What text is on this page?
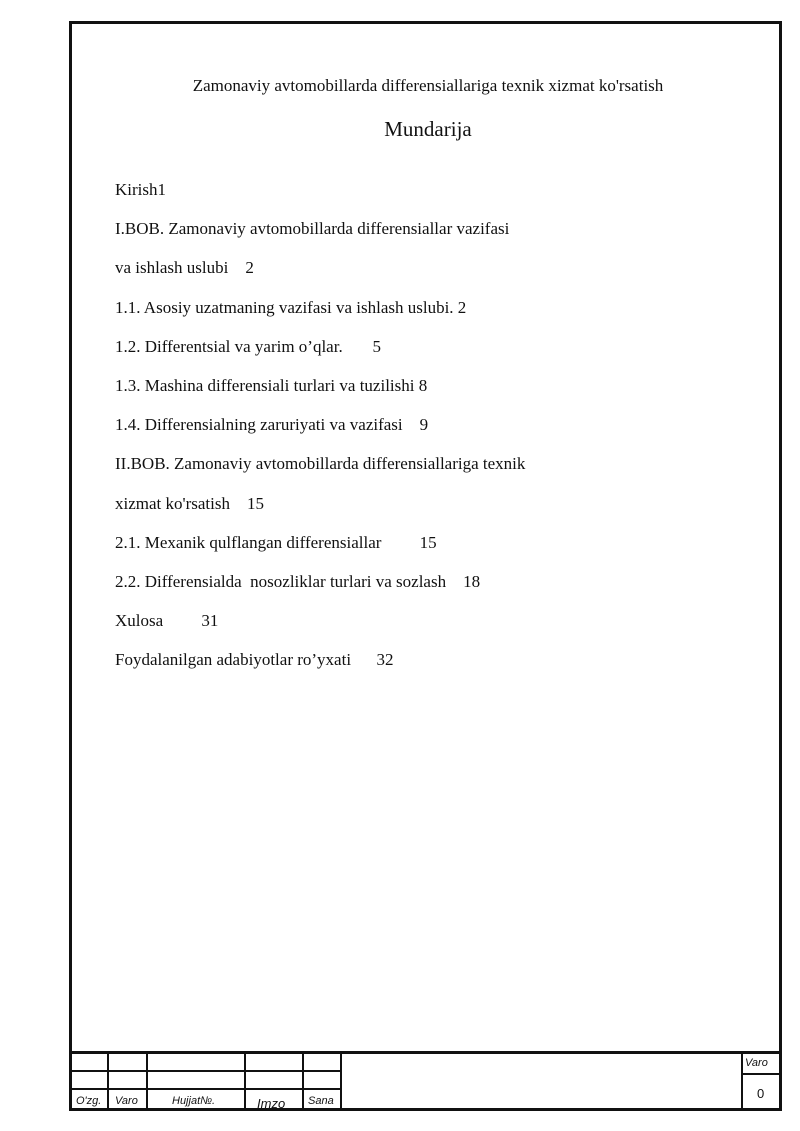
Zamonaviy avtomobillarda differensiallariga texnik xizmat ko'rsatish
Mundarija
Kirish1
I.BOB. Zamonaviy avtomobillarda differensiallar vazifasi
va ishlash uslubi    2
1.1. Asosiy uzatmaning vazifasi va ishlash uslubi. 2
1.2. Differentsial va yarim o’qlar.       5
1.3. Mashina differensiali turlari va tuzilishi 8
1.4. Differensialning zaruriyati va vazifasi    9
II.BOB. Zamonaviy avtomobillarda differensiallariga texnik
xizmat ko'rsatish    15
2.1. Mexanik qulflangan differensiallar         15
2.2. Differensialda  nosozliklar turlari va sozlash    18
Xulosa         31
Foydalanilgan adabiyotlar ro’yxati      32
O'zg. Varo	Hujjat№.	Imzo Sana
Varo
0
